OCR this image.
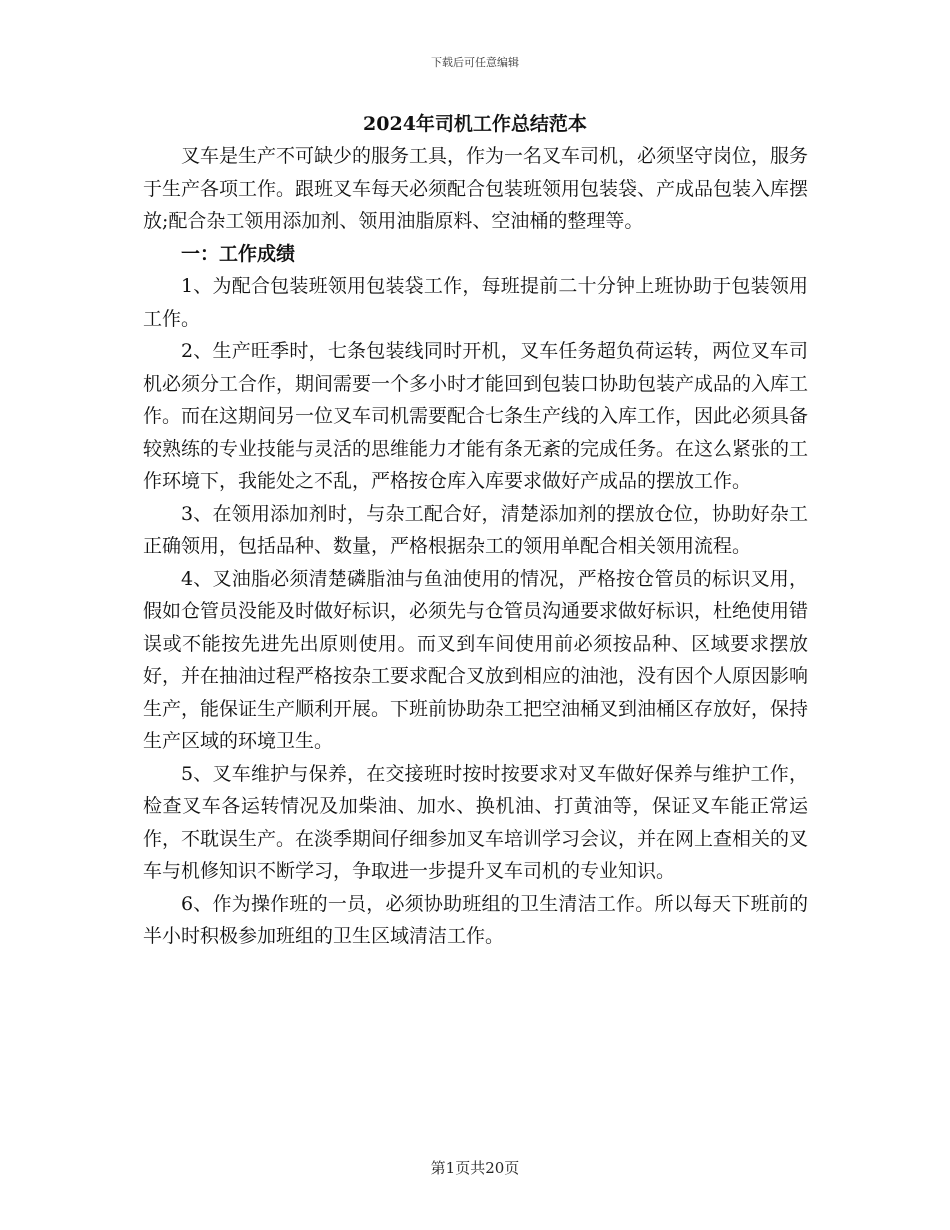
下载后可任意编辑
2024年司机工作总结范本

叉车是生产不可缺少的服务工具，作为一名叉车司机，必须坚守岗位，服务于生产各项工作。跟班叉车每天必须配合包装班领用包装袋、产成品包装入库摆放;配合杂工领用添加剂、领用油脂原料、空油桶的整理等。

一：工作成绩

1、为配合包装班领用包装袋工作，每班提前二十分钟上班协助于包装领用工作。

2、生产旺季时，七条包装线同时开机，叉车任务超负荷运转，两位叉车司机必须分工合作，期间需要一个多小时才能回到包装口协助包装产成品的入库工作。而在这期间另一位叉车司机需要配合七条生产线的入库工作，因此必须具备较熟练的专业技能与灵活的思维能力才能有条无紊的完成任务。在这么紧张的工作环境下，我能处之不乱，严格按仓库入库要求做好产成品的摆放工作。

3、在领用添加剂时，与杂工配合好，清楚添加剂的摆放仓位，协助好杂工正确领用，包括品种、数量，严格根据杂工的领用单配合相关领用流程。

4、叉油脂必须清楚磷脂油与鱼油使用的情况，严格按仓管员的标识叉用，假如仓管员没能及时做好标识，必须先与仓管员沟通要求做好标识，杜绝使用错误或不能按先进先出原则使用。而叉到车间使用前必须按品种、区域要求摆放好，并在抽油过程严格按杂工要求配合叉放到相应的油池，没有因个人原因影响生产，能保证生产顺利开展。下班前协助杂工把空油桶叉到油桶区存放好，保持生产区域的环境卫生。

5、叉车维护与保养，在交接班时按时按要求对叉车做好保养与维护工作，检查叉车各运转情况及加柴油、加水、换机油、打黄油等，保证叉车能正常运作，不耽误生产。在淡季期间仔细参加叉车培训学习会议，并在网上查相关的叉车与机修知识不断学习，争取进一步提升叉车司机的专业知识。

6、作为操作班的一员，必须协助班组的卫生清洁工作。所以每天下班前的半小时积极参加班组的卫生区域清洁工作。

第1页共20页
